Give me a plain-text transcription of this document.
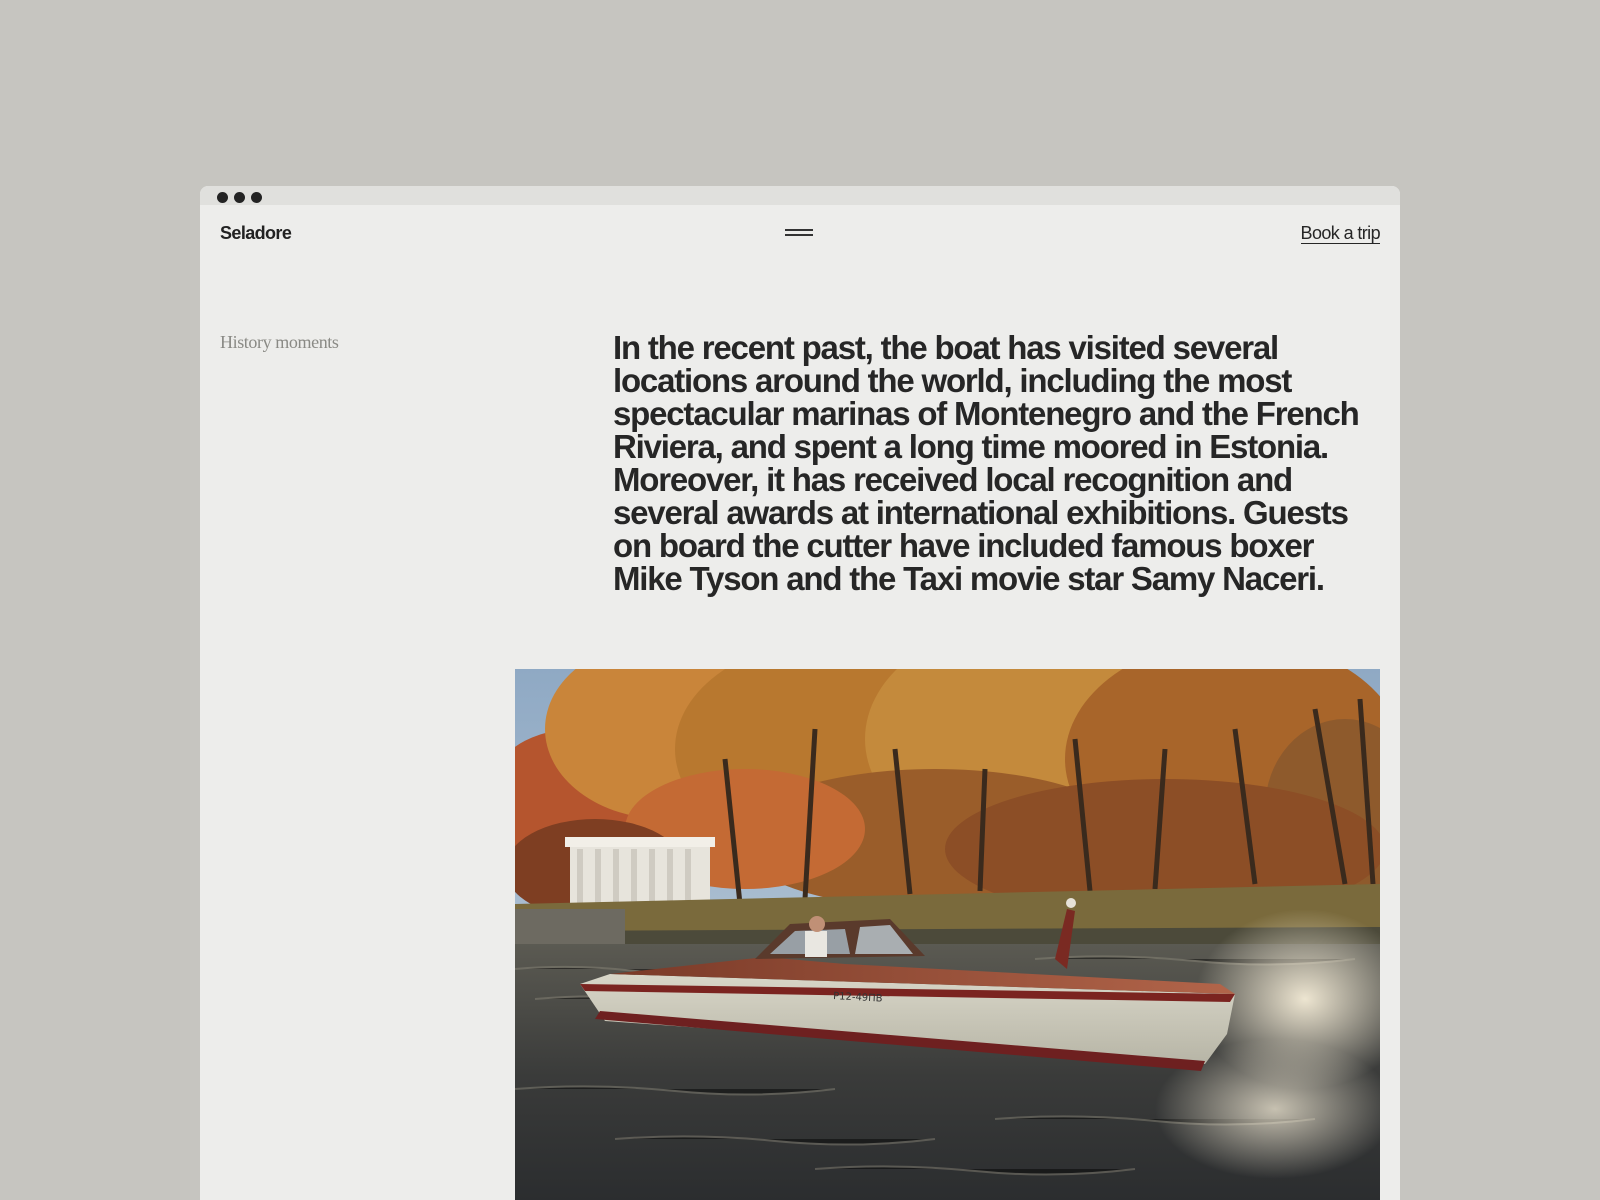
Seladore	Book a trip
History moments	In the recent past, the boat has visited several locations around the world, including the most spectacular marinas of Montenegro and the French Riviera, and spent a long time moored in Estonia. Moreover, it has received local recognition and several awards at international exhibitions. Guests on board the cutter have included famous boxer Mike Tyson and the Taxi movie star Samy Naceri.

P12-49ПВ
